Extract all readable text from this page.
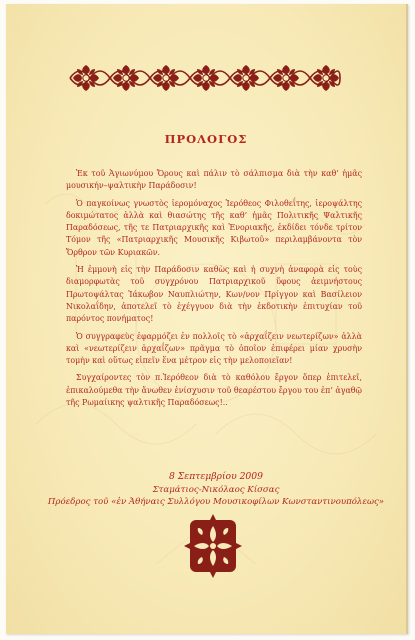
ΠΡΟΛΟΓΟΣ

Ἐκ τοῦ Ἁγιωνύμου Ὄρους καὶ πάλιν τὸ σάλπισμα διὰ τὴν καθ’ ἡμᾶς μουσικήν–ψαλτικὴν Παράδοσιν!

Ὁ παγκοίνως γνωστὸς ἱερομόναχος Ἱερόθεος Φιλοθεΐτης, ἱεροψάλτης δοκιμώτατος ἀλλὰ καὶ θιασώτης τῆς καθ’ ἡμᾶς Πολιτικῆς Ψαλτικῆς Παραδόσεως, τῆς τε Πατριαρχικῆς καὶ Ἐνοριακῆς, ἐκδίδει τόνδε τρίτον Τόμον τῆς «Πατριαρχικῆς Μουσικῆς Κιβωτοῦ» περιλαμβάνοντα τὸν Ὄρθρον τῶν Κυριακῶν.

Ἡ ἐμμονὴ εἰς τὴν Παράδοσιν καθὼς καὶ ἡ συχνὴ ἀναφορὰ εἰς τοὺς διαμορφωτὰς τοῦ συγχρόνου Πατριαρχικοῦ ὕφους ἀειμνήστους Πρωτοψάλτας Ἰάκωβον Ναυπλιώτην, Κων/νον Πρίγγον καὶ Βασίλειον Νικολαΐδην, ἀποτελεῖ τὸ ἐχέγγυον διὰ τὴν ἐκδοτικὴν ἐπιτυχίαν τοῦ παρόντος πονήματος!

Ὁ συγγραφεὺς ἐφαρμόζει ἐν πολλοῖς τὸ «ἀρχαΐζειν νεωτερίζων» ἀλλὰ καὶ «νεωτερίζειν ἀρχαΐζων» πρᾶγμα τὸ ὁποῖον ἐπιφέρει μίαν χρυσὴν τομὴν καὶ οὕτως εἰπεῖν ἕνα μέτρον εἰς τὴν μελοποιεῖαν!

Συγχαίροντες τὸν π.Ἱερόθεον διὰ τὸ καθόλου ἔργον ὅπερ ἐπιτελεῖ, ἐπικαλούμεθα τὴν ἄνωθεν ἐνίσχυσιν τοῦ θεαρέστου ἔργου του ἐπ’ ἀγαθῷ τῆς Ρωμαίικης ψαλτικῆς Παραδόσεως!..

8 Σεπτεμβρίου 2009
Σταμάτιος-Νικόλαος Κίσσας
Πρόεδρος τοῦ «ἐν Ἀθήναις Συλλόγου Μουσικοφίλων Κωνσταντινουπόλεως»
